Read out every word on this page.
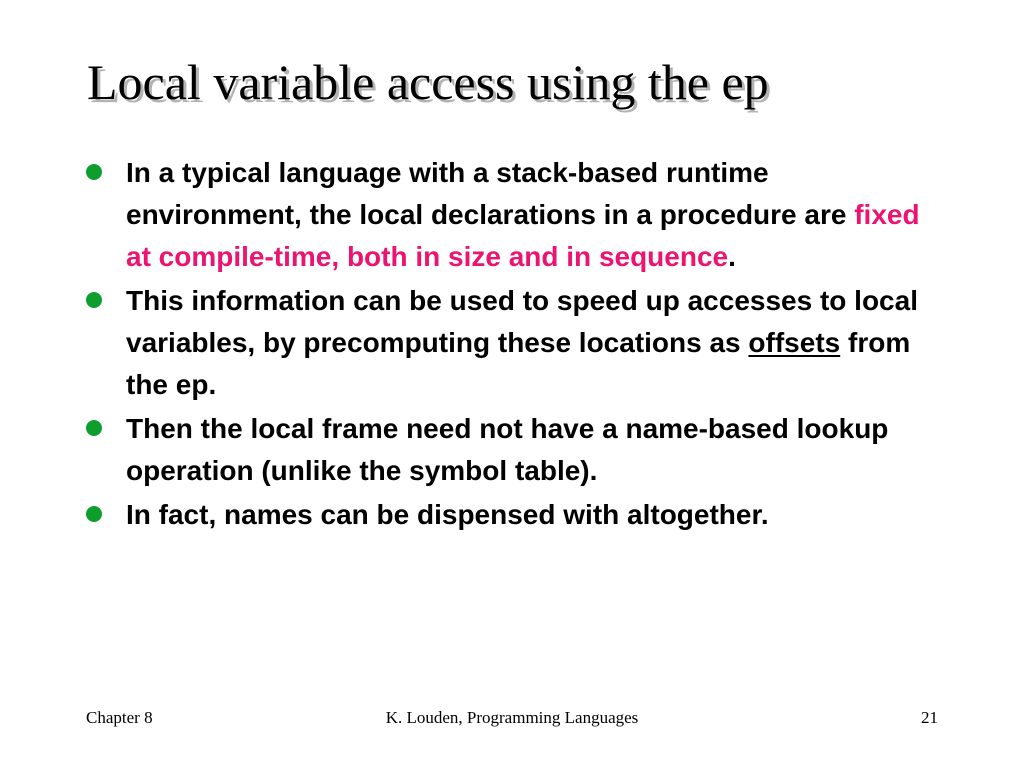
Local variable access using the ep
In a typical language with a stack-based runtime environment, the local declarations in a procedure are fixed at compile-time, both in size and in sequence.
This information can be used to speed up accesses to local variables, by precomputing these locations as offsets from the ep.
Then the local frame need not have a name-based lookup operation (unlike the symbol table).
In fact, names can be dispensed with altogether.
Chapter 8	K. Louden, Programming Languages	21
